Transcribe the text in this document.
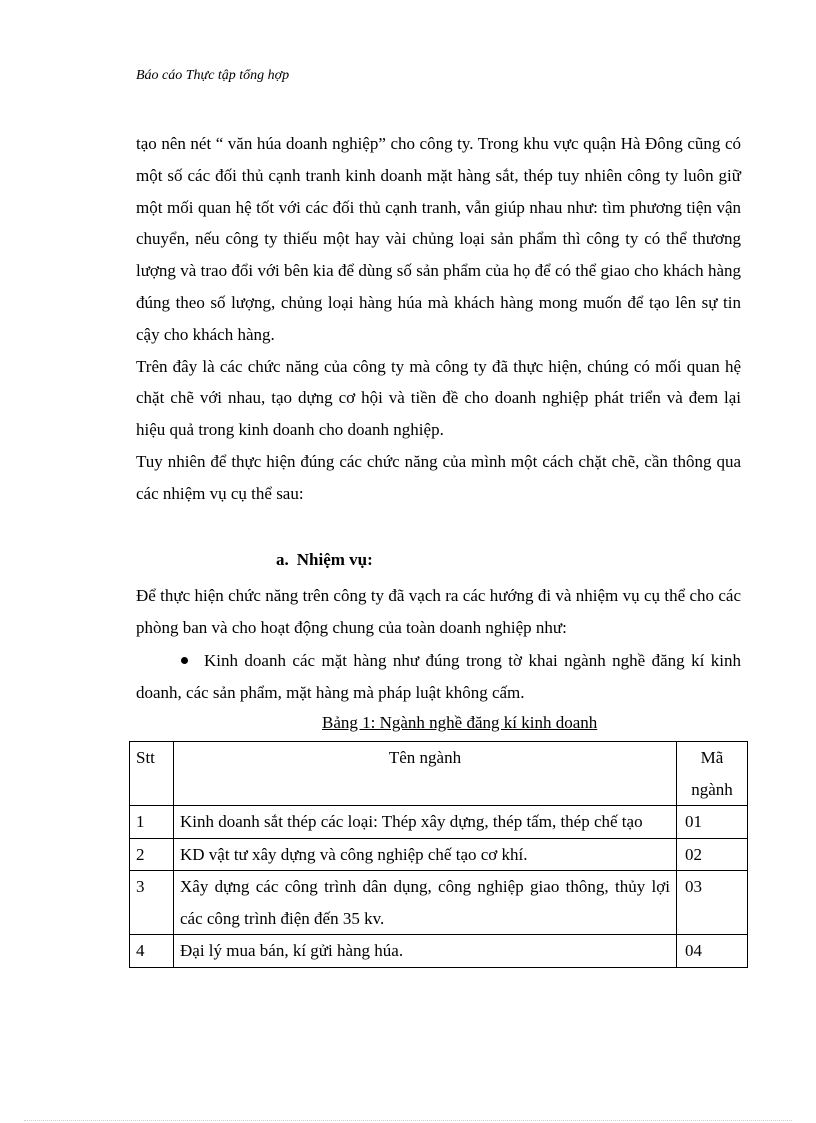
Báo cáo Thực tập tổng hợp

tạo nên nét “ văn húa doanh nghiệp” cho công ty. Trong khu vực quận Hà Đông cũng có một số các đối thủ cạnh tranh kinh doanh mặt hàng sắt, thép tuy nhiên công ty luôn giữ một mối quan hệ tốt với các đối thủ cạnh tranh, vẫn giúp nhau như: tìm phương tiện vận chuyển, nếu công ty thiếu một hay vài chủng loại sản phẩm thì công ty có thể thương lượng và trao đổi với bên kia để dùng số sản phẩm của họ để có thể giao cho khách hàng đúng theo số lượng, chủng loại hàng húa mà khách hàng mong muốn để tạo lên sự tin cậy cho khách hàng.

Trên đây là các chức năng của công ty mà công ty đã thực hiện, chúng có mối quan hệ chặt chẽ với nhau, tạo dựng cơ hội và tiền đề cho doanh nghiệp phát triển và đem lại hiệu quả trong kinh doanh cho doanh nghiệp.

Tuy nhiên để thực hiện đúng các chức năng của mình một cách chặt chẽ, cần thông qua các nhiệm vụ cụ thể sau:

a. Nhiệm vụ:

Để thực hiện chức năng trên công ty đã vạch ra các hướng đi và nhiệm vụ cụ thể cho các phòng ban và cho hoạt động chung của toàn doanh nghiệp như:

Kinh doanh các mặt hàng như đúng trong tờ khai ngành nghề đăng kí kinh doanh, các sản phẩm, mặt hàng mà pháp luật không cấm.
Bảng 1: Ngành nghề đăng kí kinh doanh
Stt	Tên ngành	Mã ngành
1	Kinh doanh sắt thép các loại: Thép xây dựng, thép tấm, thép chế tạo	01
2	KD vật tư xây dựng và công nghiệp chế tạo cơ khí.	02
3	Xây dựng các công trình dân dụng, công nghiệp giao thông, thủy lợi các công trình điện đến 35 kv.	03
4	Đại lý mua bán, kí gửi hàng húa.	04
